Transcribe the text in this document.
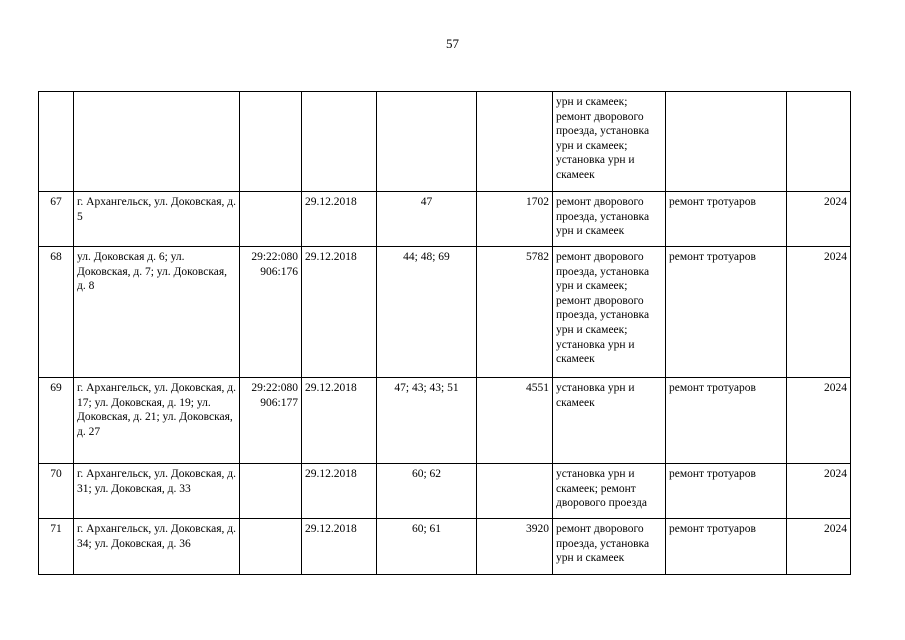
57
						урн и скамеек; ремонт дворового проезда, установка урн и скамеек; установка урн и скамеек		
67	г. Архангельск, ул. Доковская, д. 5		29.12.2018	47	1702	ремонт дворового проезда, установка урн и скамеек	ремонт тротуаров	2024
68	ул. Доковская д. 6; ул. Доковская, д. 7; ул. Доковская, д. 8	29:22:080 906:176	29.12.2018	44; 48; 69	5782	ремонт дворового проезда, установка урн и скамеек; ремонт дворового проезда, установка урн и скамеек; установка урн и скамеек	ремонт тротуаров	2024
69	г. Архангельск, ул. Доковская, д. 17; ул. Доковская, д. 19; ул. Доковская, д. 21; ул. Доковская, д. 27	29:22:080 906:177	29.12.2018	47; 43; 43; 51	4551	установка урн и скамеек	ремонт тротуаров	2024
70	г. Архангельск, ул. Доковская, д. 31; ул. Доковская, д. 33		29.12.2018	60; 62		установка урн и скамеек; ремонт дворового проезда	ремонт тротуаров	2024
71	г. Архангельск, ул. Доковская, д. 34; ул. Доковская, д. 36		29.12.2018	60; 61	3920	ремонт дворового проезда, установка урн и скамеек	ремонт тротуаров	2024
